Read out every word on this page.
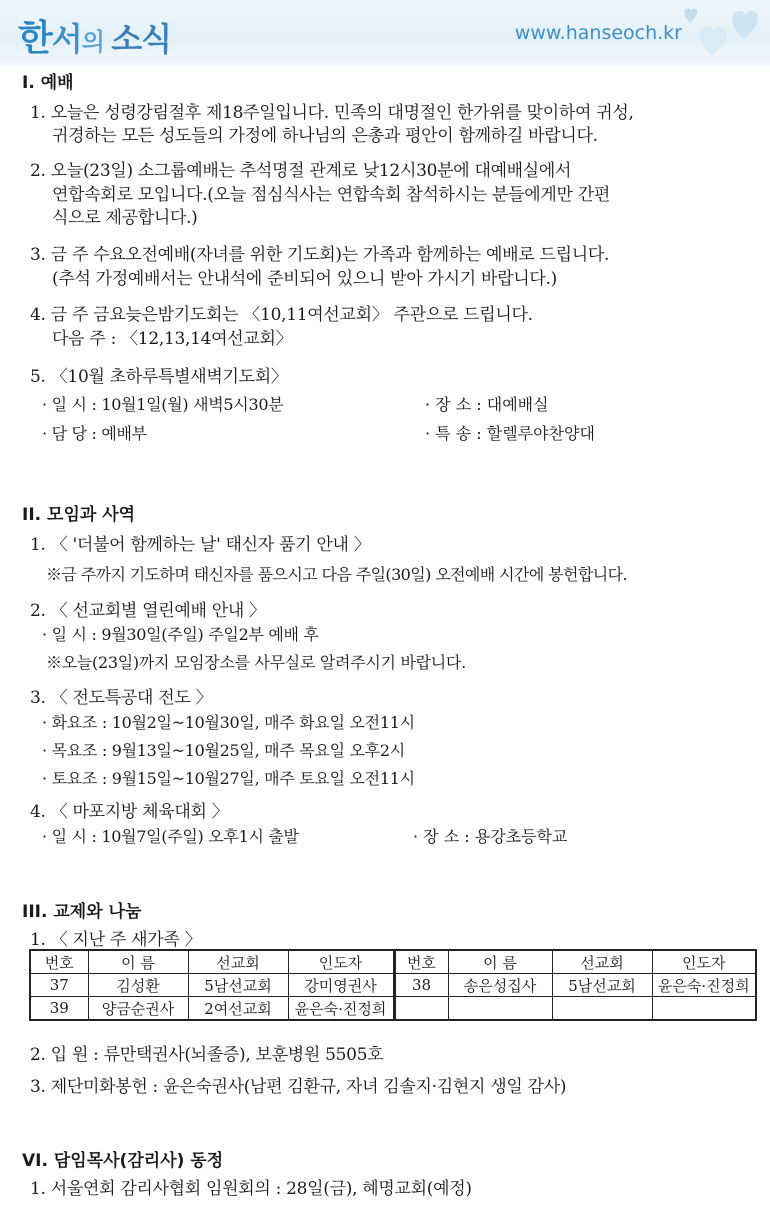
한서의 소식	www.hanseoch.kr
I. 예배
1. 오늘은 성령강림절후 제18주일입니다. 민족의 대명절인 한가위를 맞이하여 귀성,
귀경하는 모든 성도들의 가정에 하나님의 은총과 평안이 함께하길 바랍니다.
2. 오늘(23일) 소그룹예배는 추석명절 관계로 낮12시30분에 대예배실에서
연합속회로 모입니다.(오늘 점심식사는 연합속회 참석하시는 분들에게만 간편
식으로 제공합니다.)
3. 금 주 수요오전예배(자녀를 위한 기도회)는 가족과 함께하는 예배로 드립니다.
(추석 가정예배서는 안내석에 준비되어 있으니 받아 가시기 바랍니다.)
4. 금 주 금요늦은밤기도회는 〈10,11여선교회〉 주관으로 드립니다.
다음 주 : 〈12,13,14여선교회〉
5. 〈10월 초하루특별새벽기도회〉
· 일 시 : 10월1일(월) 새벽5시30분	· 장 소 : 대예배실
· 담 당 : 예배부	· 특 송 : 할렐루야찬양대
II. 모임과 사역
1. 〈 '더불어 함께하는 날' 태신자 품기 안내 〉
※금 주까지 기도하며 태신자를 품으시고 다음 주일(30일) 오전예배 시간에 봉헌합니다.
2. 〈 선교회별 열린예배 안내 〉
· 일 시 : 9월30일(주일) 주일2부 예배 후
※오늘(23일)까지 모임장소를 사무실로 알려주시기 바랍니다.
3. 〈 전도특공대 전도 〉
· 화요조 : 10월2일~10월30일, 매주 화요일 오전11시
· 목요조 : 9월13일~10월25일, 매주 목요일 오후2시
· 토요조 : 9월15일~10월27일, 매주 토요일 오전11시
4. 〈 마포지방 체육대회 〉
· 일 시 : 10월7일(주일) 오후1시 출발	· 장 소 : 용강초등학교
III. 교제와 나눔
1. 〈 지난 주 새가족 〉
번호	이 름	선교회	인도자	번호	이 름	선교회	인도자
37	김성환	5남선교회	강미영권사	38	송은성집사	5남선교회	윤은숙·진정희
39	양금순권사	2여선교회	윤은숙·진정희				
2. 입 원 : 류만택권사(뇌졸증), 보훈병원 5505호
3. 제단미화봉헌 : 윤은숙권사(남편 김환규, 자녀 김솔지·김현지 생일 감사)
VI. 담임목사(감리사) 동정
1. 서울연회 감리사협회 임원회의 : 28일(금), 혜명교회(예정)
